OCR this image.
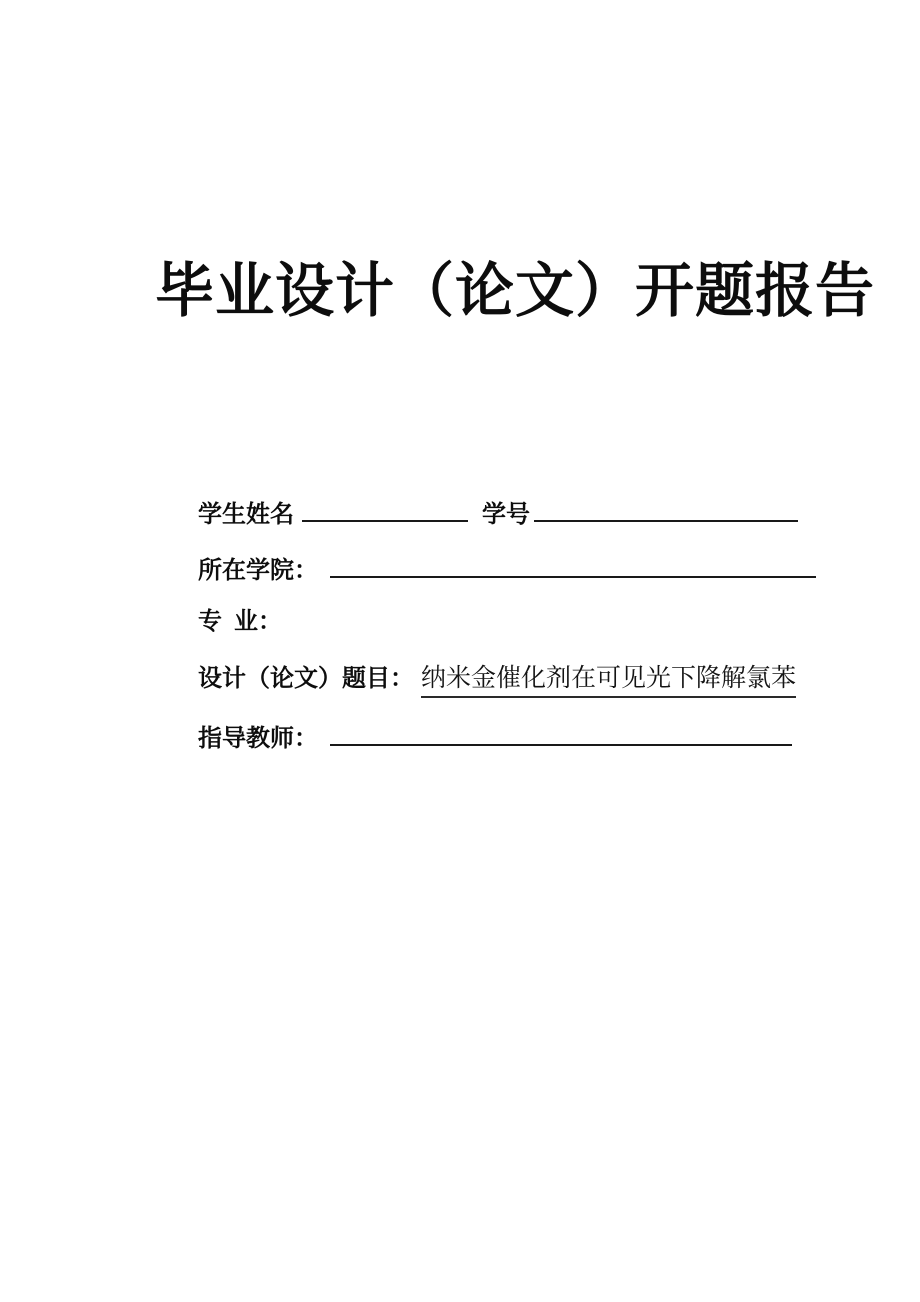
毕业设计（论文）开题报告
学生姓名	学号
所在学院：
专  业：
设计（论文）题目： 纳米金催化剂在可见光下降解氯苯
指导教师：
